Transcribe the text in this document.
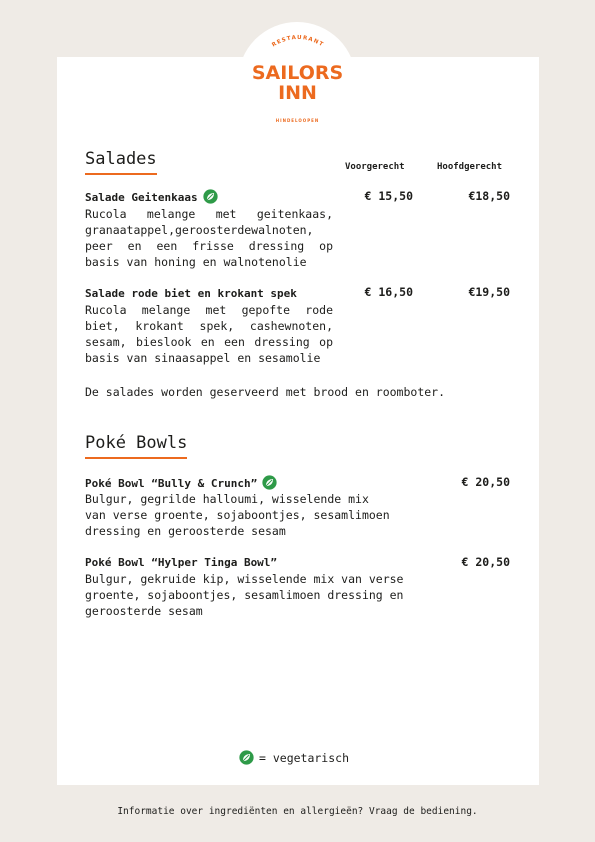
RESTAURANT
SAILORS
INN
HINDELOOPEN
Salades	Voorgerecht	Hoofdgerecht
Salade Geitenkaas	€ 15,50	€18,50
Rucola melange met geitenkaas,
granaatappel,geroosterdewalnoten,
peer en een frisse dressing op
basis van honing en walnotenolie
Salade rode biet en krokant spek	€ 16,50	€19,50
Rucola melange met gepofte rode
biet, krokant spek, cashewnoten,
sesam, bieslook en een dressing op
basis van sinaasappel en sesamolie
De salades worden geserveerd met brood en roomboter.
Poké Bowls
Poké Bowl “Bully & Crunch”	€ 20,50
Bulgur, gegrilde halloumi, wisselende mix
van verse groente, sojaboontjes, sesamlimoen
dressing en geroosterde sesam
Poké Bowl “Hylper Tinga Bowl”	€ 20,50
Bulgur, gekruide kip, wisselende mix van verse
groente, sojaboontjes, sesamlimoen dressing en
geroosterde sesam
= vegetarisch
Informatie over ingrediënten en allergieën? Vraag de bediening.
